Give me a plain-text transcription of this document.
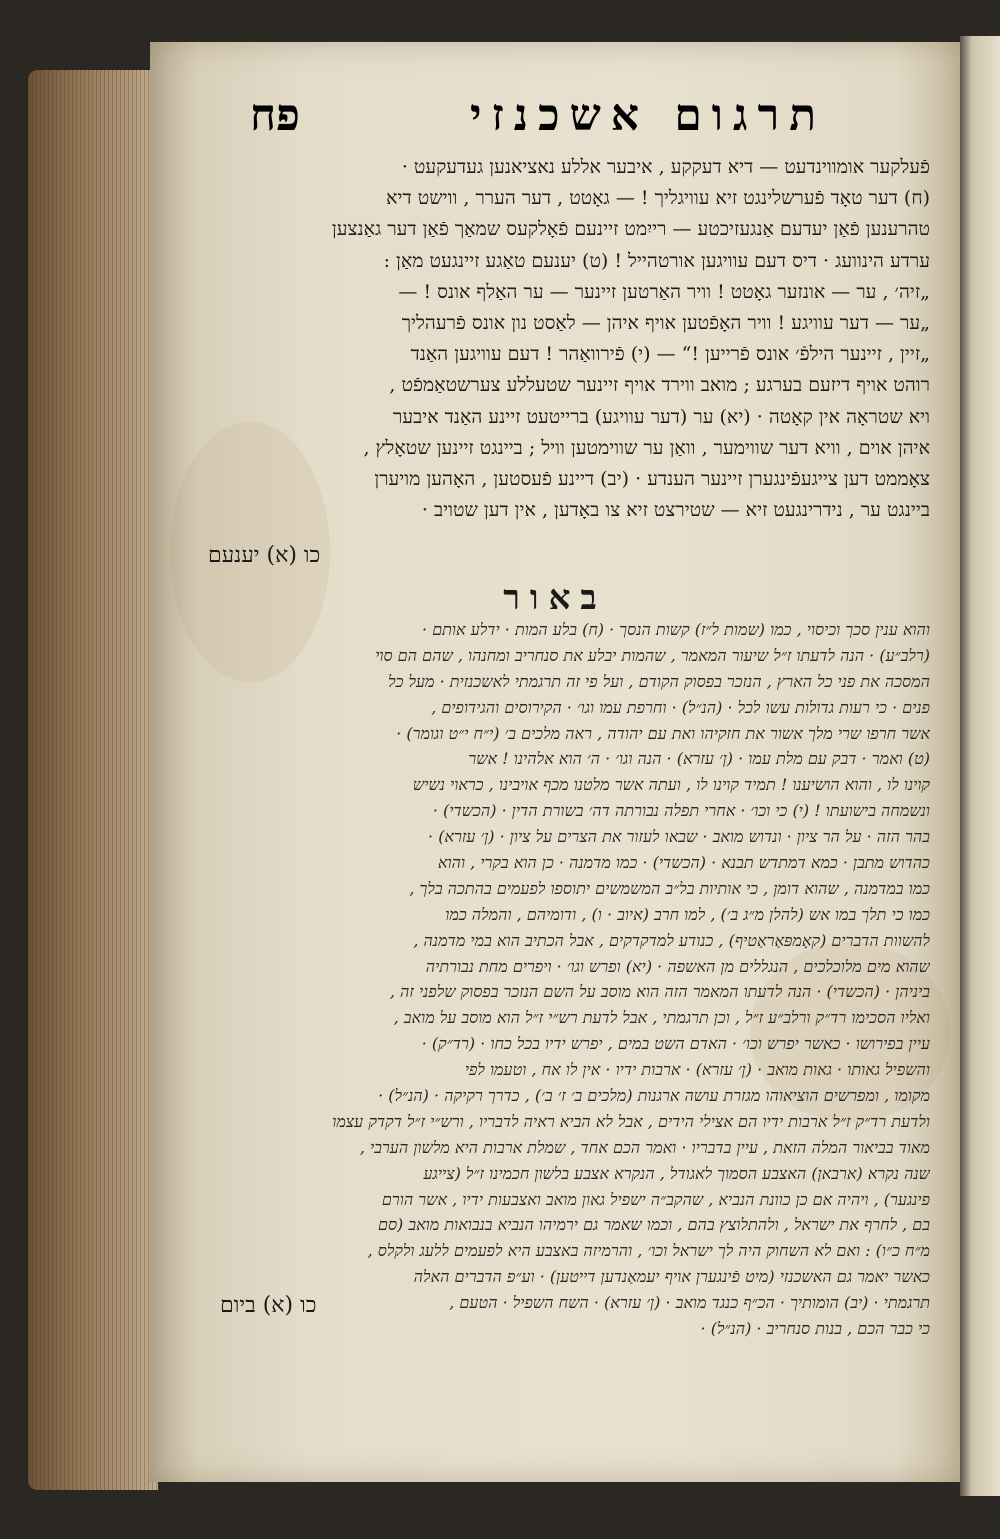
פח	תרגום אשכנזי
פֿעלקער אומווינדעט — דיא דעקקע , איבער אללע נאציאנען געדעקעט ·
(ח) דער טאָד פֿערשלינגט זיא עוויגליך ! — גאָטט , דער הערר , ווישט דיא
טהרענען פֿאַן יעדעם אַנגעזיכטע — רייִמט זיינעם פֿאָלקעס שמאַך פֿאַן דער גאַנצען
ערדע הינוועג · דיס דעם עוויגען אורטהייל ! (ט) יענעם טאַגע זיינגעט מאַן :
„זיה׳ , ער — אונזער גאָטט ! וויר האַרטען זיינער — ער האַלף אונס ! —
„ער — דער עוויגע ! וויר האָפֿטען אויף איהן — לאַסט נון אונס פֿרעהליך
„זיין , זיינער הילפֿ׳ אונס פֿרייען !“ — (י) פֿירוואַהר ! דעם עוויגען האַנד
רוהט אויף דיזעם בערגע ; מואב ווירד אויף זיינער שטעללע צערשטאַמפֿט ,
ויא שטראָה אין קאָטה · (יא) ער (דער עוויגע) ברייטעט זיינע האַנד איבער
איהן אוים , וויא דער שווימער , וואַן ער שווימטען וויל ; ביינגט זיינען שטאָלץ ,
צאָממט דען צייגעפֿינגערן זיינער הענדע · (יב) דיינע פֿעסטען , האָהען מויערן
ביינגט ער , נידרינגעט זיא — שטירצט זיא צו באָדען , אין דען שטויב ·
כו (א) יענעם
באור
והוא ענין סכך וכיסוי , כמו (שמות ל״ז) קשות הנסך · (ח) בלע המות · ידלע אותם ·
(רלב״ע) · הנה לדעתו ז״ל שיעור המאמר , שהמות יבלע את סנחריב ומחנהו , שהם הם סוי
המסכה את פני כל הארץ , הנזכר בפסוק הקודם , ועל פי זה תרגמתי לאשכנזית · מעל כל
פנים · כי רעות גדולות עשו לכל · (הנ״ל) · וחרפת עמו וגו׳ · הקירוסים והגידופים ,
אשר חרפו שרי מלך אשור את חזקיהו ואת עם יהודה , ראה מלכים ב׳ (י״ח י״ט וגומר) ·
(ט) ואמר · דבק עם מלת עמו · (ן׳ עזרא) · הנה וגו׳ · ה׳ הוא אלהינו ! אשר
קוינו לו , והוא הושיענו ! תמיד קוינו לו , ועתה אשר מלטנו מכף אויבינו , כראוי נשיש
ונשמחה בישועתו ! (י) כי וכו׳ · אחרי תפלה נבורתה דה׳ בשורת הדין · (הכשדי) ·
בהר הזה · על הר ציון · ונדוש מואב · שבאו לעזור את הצרים על ציון · (ן׳ עזרא) ·
כהדוש מתבן · כמא דמתדש תבנא · (הכשדי) · כמו מדמנה · כן הוא בקרי , והוא
כמו במדמנה , שהוא דומן , כי אותיות בל״ב המשמשים יתוספו לפעמים בהתכה בלך ,
כמו כי תלך במו אש (להלן מ״ג ב׳) , למו חרב (איוב · ו) , ודומיהם , והמלה כמו
להשוות הדברים (קאָמפּאַראַטיף) , כנודע למדקדקים , אבל הכתיב הוא במי מדמנה ,
שהוא מים מלוכלכים , הנגללים מן האשפה · (יא) ופרש וגו׳ · ויפרים מחת נבורתיה
ביניהן · (הכשדי) · הנה לדעתו המאמר הזה הוא מוסב על השם הנזכר בפסוק שלפני זה ,
ואליו הסכימו רד״ק ורלב״ע ז״ל , וכן תרגמתי , אבל לדעת רש״י ז״ל הוא מוסב על מואב ,
עיין בפירושו · כאשר יפרש וכו׳ · האדם השט במים , יפרש ידיו בכל כחו · (רד״ק) ·
והשפיל גאותו · גאות מואב · (ן׳ עזרא) · ארבות ידיו · אין לו אח , וטעמו לפי
מקומו , ומפרשים הוציאוהו מגזרת עושה ארגנות (מלכים ב׳ ז׳ ב׳) , כדרך רקיקה · (הנ״ל) ·
ולדעת רד״ק ז״ל ארבות ידיו הם אצילי הידים , אבל לא הביא ראיה לדבריו , ורש״י ז״ל דקדק עצמו
מאוד בביאור המלה הזאת , עיין בדבריו · ואמר הכם אחד , שמלת ארבות היא מלשון הערבי ,
שנה נקרא (ארבאן) האצבע הסמוך לאגודל , הנקרא אצבע בלשון חכמינו ז״ל (צייגע
פינגער) , ויהיה אם כן כוונת הנביא , שהקב״ה ישפיל גאון מואב ואצבעות ידיו , אשר הורם
בם , לחרף את ישראל , ולהתלוצץ בהם , וכמו שאמר גם ירמיהו הנביא בנבואות מואב (סם
מ״ח כ״ו) : ואם לא השחוק היה לך ישראל וכו׳ , והרמיזה באצבע היא לפעמים ללעג ולקלס ,
כאשר יאמר גם האשכנזי (מיט פֿינגערן אויף יעמאַנדען דייטען) · וע״פ הדברים האלה
תרגמתי · (יב) הומותיך · הכ״ף כנגד מואב · (ן׳ עזרא) · השח השפיל · הטעם ,
כי כבר הכם , בנות סנחריב · (הנ״ל) ·
כו (א) ביום
